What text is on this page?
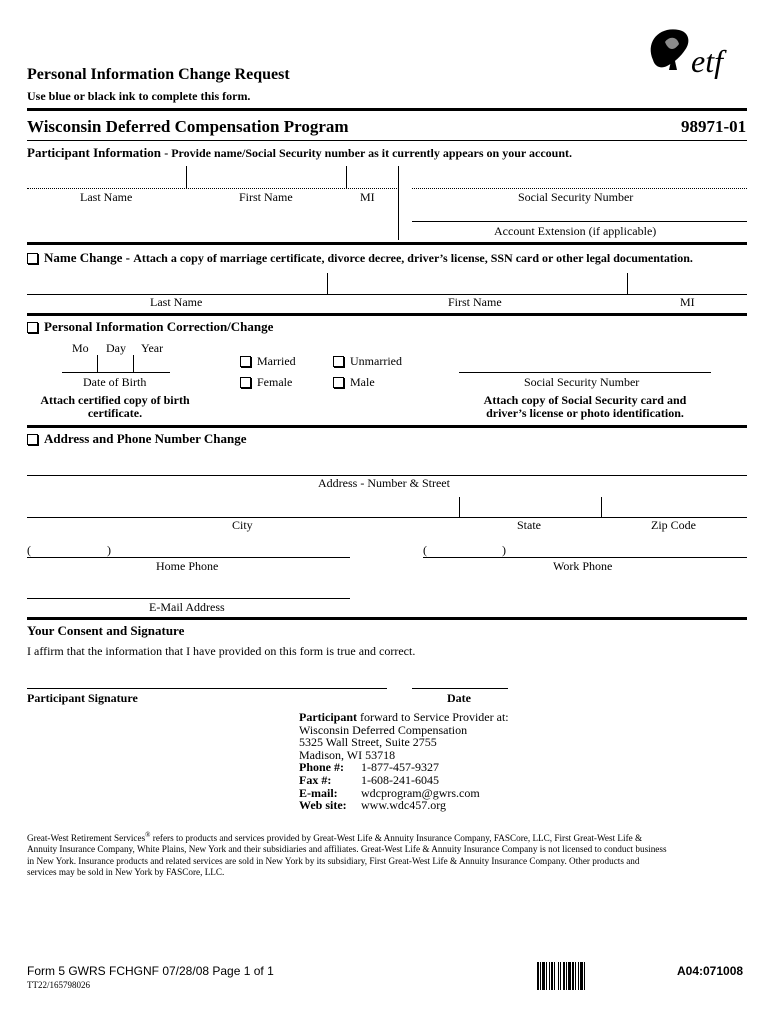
Personal Information Change Request
Use blue or black ink to complete this form.
etf
Wisconsin Deferred Compensation Program	98971-01
Participant Information - Provide name/Social Security number as it currently appears on your account.
Last Name	First Name	MI	Social Security Number
Account Extension (if applicable)
Name Change - Attach a copy of marriage certificate, divorce decree, driver’s license, SSN card or other legal documentation.
Last Name	First Name	MI
Personal Information Correction/Change
Mo Day Year
Date of Birth
Married	Unmarried
Female	Male	Social Security Number
Attach certified copy of birth certificate.
Attach copy of Social Security card and driver’s license or photo identification.
Address and Phone Number Change
Address - Number & Street
City	State	Zip Code
(	)
Home Phone
(	)
Work Phone
E-Mail Address
Your Consent and Signature
I affirm that the information that I have provided on this form is true and correct.
Participant Signature	Date
Participant forward to Service Provider at:
Wisconsin Deferred Compensation
5325 Wall Street, Suite 2755
Madison, WI 53718
Phone #: 1-877-457-9327
Fax #: 1-608-241-6045
E-mail: wdcprogram@gwrs.com
Web site: www.wdc457.org
Great-West Retirement Services® refers to products and services provided by Great-West Life & Annuity Insurance Company, FASCore, LLC, First Great-West Life &
Annuity Insurance Company, White Plains, New York and their subsidiaries and affiliates. Great-West Life & Annuity Insurance Company is not licensed to conduct business
in New York. Insurance products and related services are sold in New York by its subsidiary, First Great-West Life & Annuity Insurance Company. Other products and
services may be sold in New York by FASCore, LLC.
Form 5 GWRS FCHGNF 07/28/08 Page 1 of 1
TT22/165798026
A04:071008
